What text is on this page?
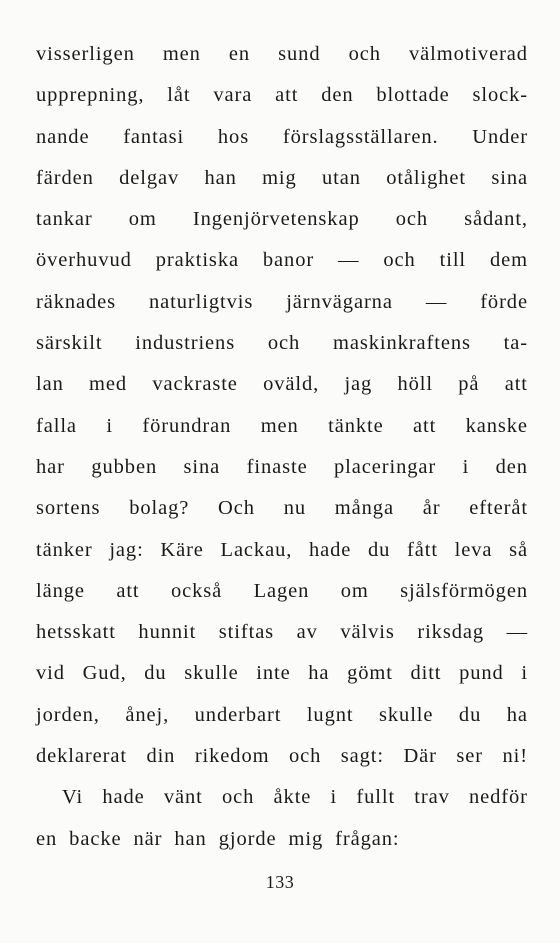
visserligen men en sund och välmotiverad
upprepning, låt vara att den blottade slock-
nande fantasi hos förslagsställaren. Under
färden delgav han mig utan otålighet sina
tankar om Ingenjörvetenskap och sådant,
överhuvud praktiska banor — och till dem
räknades naturligtvis järnvägarna — förde
särskilt industriens och maskinkraftens ta-
lan med vackraste oväld, jag höll på att
falla i förundran men tänkte att kanske
har gubben sina finaste placeringar i den
sortens bolag? Och nu många år efteråt
tänker jag: Käre Lackau, hade du fått leva så
länge att också Lagen om själsförmögen
hetsskatt hunnit stiftas av välvis riksdag —
vid Gud, du skulle inte ha gömt ditt pund i
jorden, ånej, underbart lugnt skulle du ha
deklarerat din rikedom och sagt: Där ser ni!
Vi hade vänt och åkte i fullt trav nedför
en backe när han gjorde mig frågan:
133
